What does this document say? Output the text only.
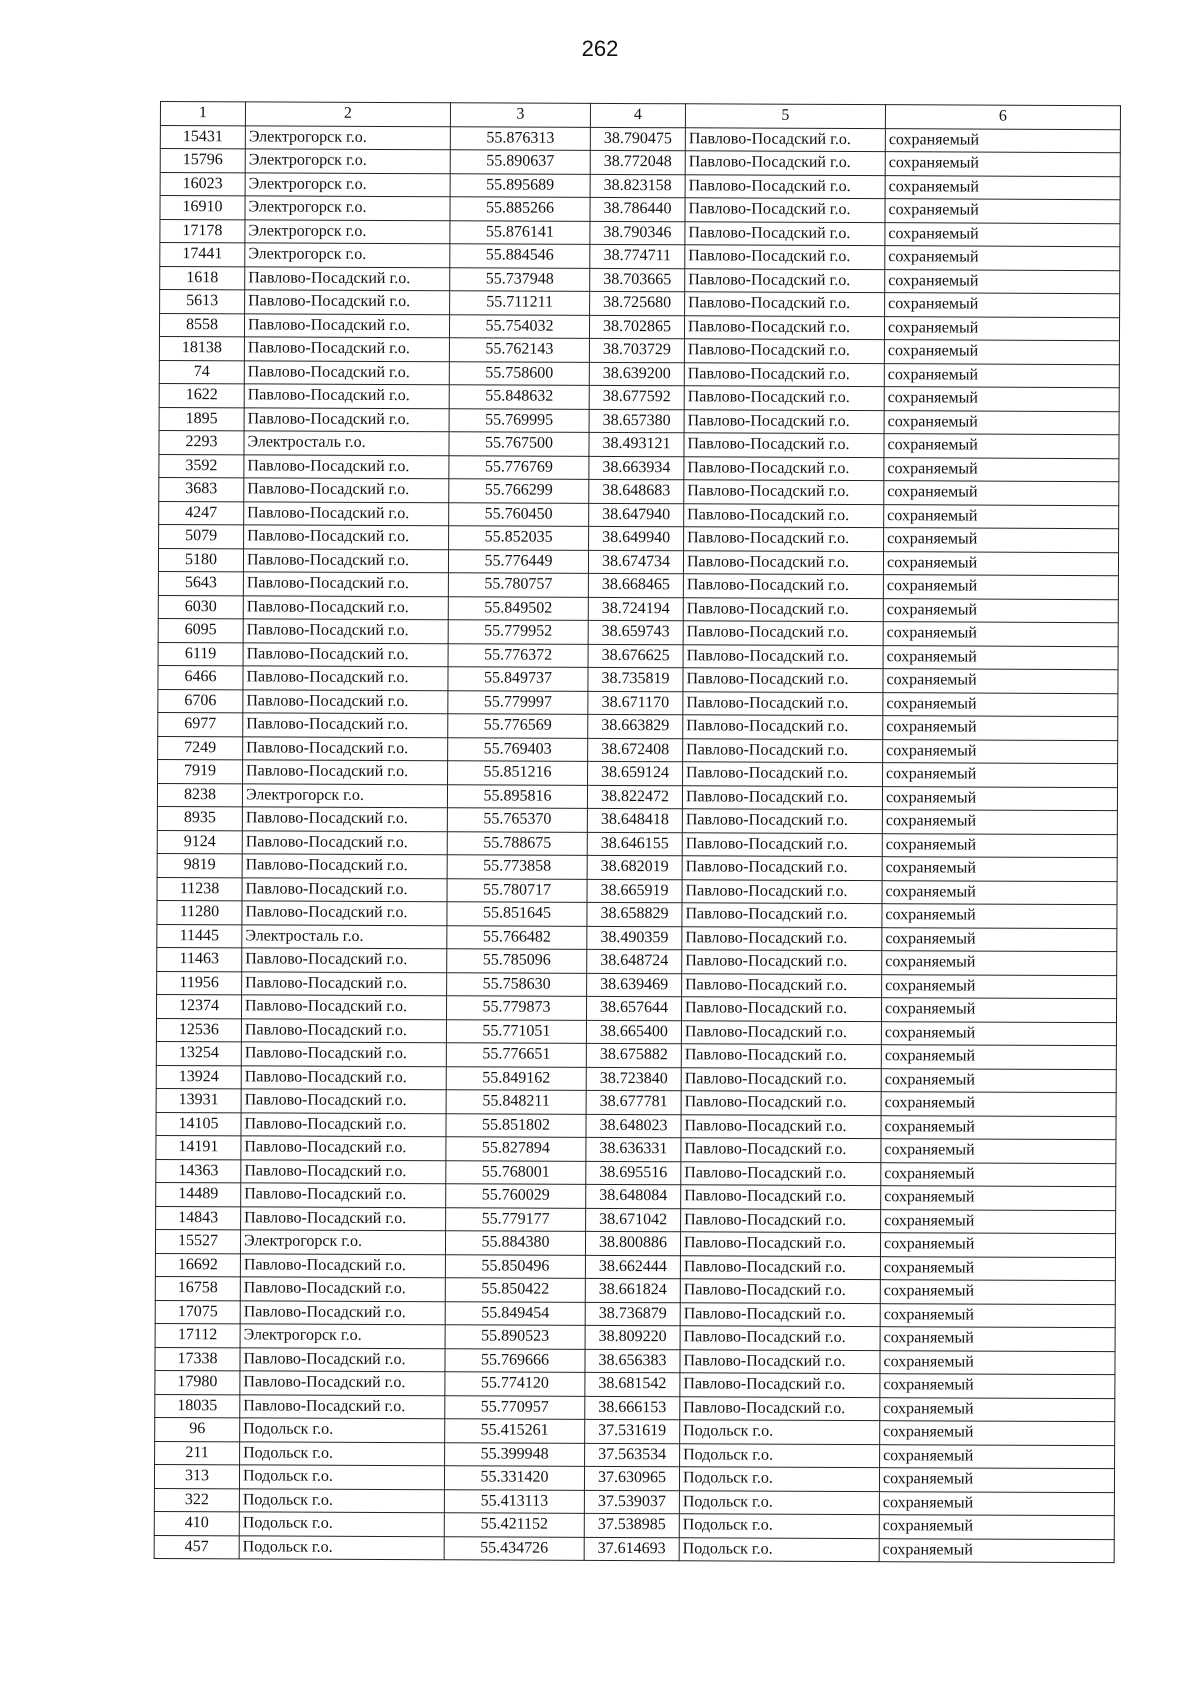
262
1	2	3	4	5	6
15431	Электрогорск г.о.	55.876313	38.790475	Павлово-Посадский г.о.	сохраняемый
15796	Электрогорск г.о.	55.890637	38.772048	Павлово-Посадский г.о.	сохраняемый
16023	Электрогорск г.о.	55.895689	38.823158	Павлово-Посадский г.о.	сохраняемый
16910	Электрогорск г.о.	55.885266	38.786440	Павлово-Посадский г.о.	сохраняемый
17178	Электрогорск г.о.	55.876141	38.790346	Павлово-Посадский г.о.	сохраняемый
17441	Электрогорск г.о.	55.884546	38.774711	Павлово-Посадский г.о.	сохраняемый
1618	Павлово-Посадский г.о.	55.737948	38.703665	Павлово-Посадский г.о.	сохраняемый
5613	Павлово-Посадский г.о.	55.711211	38.725680	Павлово-Посадский г.о.	сохраняемый
8558	Павлово-Посадский г.о.	55.754032	38.702865	Павлово-Посадский г.о.	сохраняемый
18138	Павлово-Посадский г.о.	55.762143	38.703729	Павлово-Посадский г.о.	сохраняемый
74	Павлово-Посадский г.о.	55.758600	38.639200	Павлово-Посадский г.о.	сохраняемый
1622	Павлово-Посадский г.о.	55.848632	38.677592	Павлово-Посадский г.о.	сохраняемый
1895	Павлово-Посадский г.о.	55.769995	38.657380	Павлово-Посадский г.о.	сохраняемый
2293	Электросталь г.о.	55.767500	38.493121	Павлово-Посадский г.о.	сохраняемый
3592	Павлово-Посадский г.о.	55.776769	38.663934	Павлово-Посадский г.о.	сохраняемый
3683	Павлово-Посадский г.о.	55.766299	38.648683	Павлово-Посадский г.о.	сохраняемый
4247	Павлово-Посадский г.о.	55.760450	38.647940	Павлово-Посадский г.о.	сохраняемый
5079	Павлово-Посадский г.о.	55.852035	38.649940	Павлово-Посадский г.о.	сохраняемый
5180	Павлово-Посадский г.о.	55.776449	38.674734	Павлово-Посадский г.о.	сохраняемый
5643	Павлово-Посадский г.о.	55.780757	38.668465	Павлово-Посадский г.о.	сохраняемый
6030	Павлово-Посадский г.о.	55.849502	38.724194	Павлово-Посадский г.о.	сохраняемый
6095	Павлово-Посадский г.о.	55.779952	38.659743	Павлово-Посадский г.о.	сохраняемый
6119	Павлово-Посадский г.о.	55.776372	38.676625	Павлово-Посадский г.о.	сохраняемый
6466	Павлово-Посадский г.о.	55.849737	38.735819	Павлово-Посадский г.о.	сохраняемый
6706	Павлово-Посадский г.о.	55.779997	38.671170	Павлово-Посадский г.о.	сохраняемый
6977	Павлово-Посадский г.о.	55.776569	38.663829	Павлово-Посадский г.о.	сохраняемый
7249	Павлово-Посадский г.о.	55.769403	38.672408	Павлово-Посадский г.о.	сохраняемый
7919	Павлово-Посадский г.о.	55.851216	38.659124	Павлово-Посадский г.о.	сохраняемый
8238	Электрогорск г.о.	55.895816	38.822472	Павлово-Посадский г.о.	сохраняемый
8935	Павлово-Посадский г.о.	55.765370	38.648418	Павлово-Посадский г.о.	сохраняемый
9124	Павлово-Посадский г.о.	55.788675	38.646155	Павлово-Посадский г.о.	сохраняемый
9819	Павлово-Посадский г.о.	55.773858	38.682019	Павлово-Посадский г.о.	сохраняемый
11238	Павлово-Посадский г.о.	55.780717	38.665919	Павлово-Посадский г.о.	сохраняемый
11280	Павлово-Посадский г.о.	55.851645	38.658829	Павлово-Посадский г.о.	сохраняемый
11445	Электросталь г.о.	55.766482	38.490359	Павлово-Посадский г.о.	сохраняемый
11463	Павлово-Посадский г.о.	55.785096	38.648724	Павлово-Посадский г.о.	сохраняемый
11956	Павлово-Посадский г.о.	55.758630	38.639469	Павлово-Посадский г.о.	сохраняемый
12374	Павлово-Посадский г.о.	55.779873	38.657644	Павлово-Посадский г.о.	сохраняемый
12536	Павлово-Посадский г.о.	55.771051	38.665400	Павлово-Посадский г.о.	сохраняемый
13254	Павлово-Посадский г.о.	55.776651	38.675882	Павлово-Посадский г.о.	сохраняемый
13924	Павлово-Посадский г.о.	55.849162	38.723840	Павлово-Посадский г.о.	сохраняемый
13931	Павлово-Посадский г.о.	55.848211	38.677781	Павлово-Посадский г.о.	сохраняемый
14105	Павлово-Посадский г.о.	55.851802	38.648023	Павлово-Посадский г.о.	сохраняемый
14191	Павлово-Посадский г.о.	55.827894	38.636331	Павлово-Посадский г.о.	сохраняемый
14363	Павлово-Посадский г.о.	55.768001	38.695516	Павлово-Посадский г.о.	сохраняемый
14489	Павлово-Посадский г.о.	55.760029	38.648084	Павлово-Посадский г.о.	сохраняемый
14843	Павлово-Посадский г.о.	55.779177	38.671042	Павлово-Посадский г.о.	сохраняемый
15527	Электрогорск г.о.	55.884380	38.800886	Павлово-Посадский г.о.	сохраняемый
16692	Павлово-Посадский г.о.	55.850496	38.662444	Павлово-Посадский г.о.	сохраняемый
16758	Павлово-Посадский г.о.	55.850422	38.661824	Павлово-Посадский г.о.	сохраняемый
17075	Павлово-Посадский г.о.	55.849454	38.736879	Павлово-Посадский г.о.	сохраняемый
17112	Электрогорск г.о.	55.890523	38.809220	Павлово-Посадский г.о.	сохраняемый
17338	Павлово-Посадский г.о.	55.769666	38.656383	Павлово-Посадский г.о.	сохраняемый
17980	Павлово-Посадский г.о.	55.774120	38.681542	Павлово-Посадский г.о.	сохраняемый
18035	Павлово-Посадский г.о.	55.770957	38.666153	Павлово-Посадский г.о.	сохраняемый
96	Подольск г.о.	55.415261	37.531619	Подольск г.о.	сохраняемый
211	Подольск г.о.	55.399948	37.563534	Подольск г.о.	сохраняемый
313	Подольск г.о.	55.331420	37.630965	Подольск г.о.	сохраняемый
322	Подольск г.о.	55.413113	37.539037	Подольск г.о.	сохраняемый
410	Подольск г.о.	55.421152	37.538985	Подольск г.о.	сохраняемый
457	Подольск г.о.	55.434726	37.614693	Подольск г.о.	сохраняемый
